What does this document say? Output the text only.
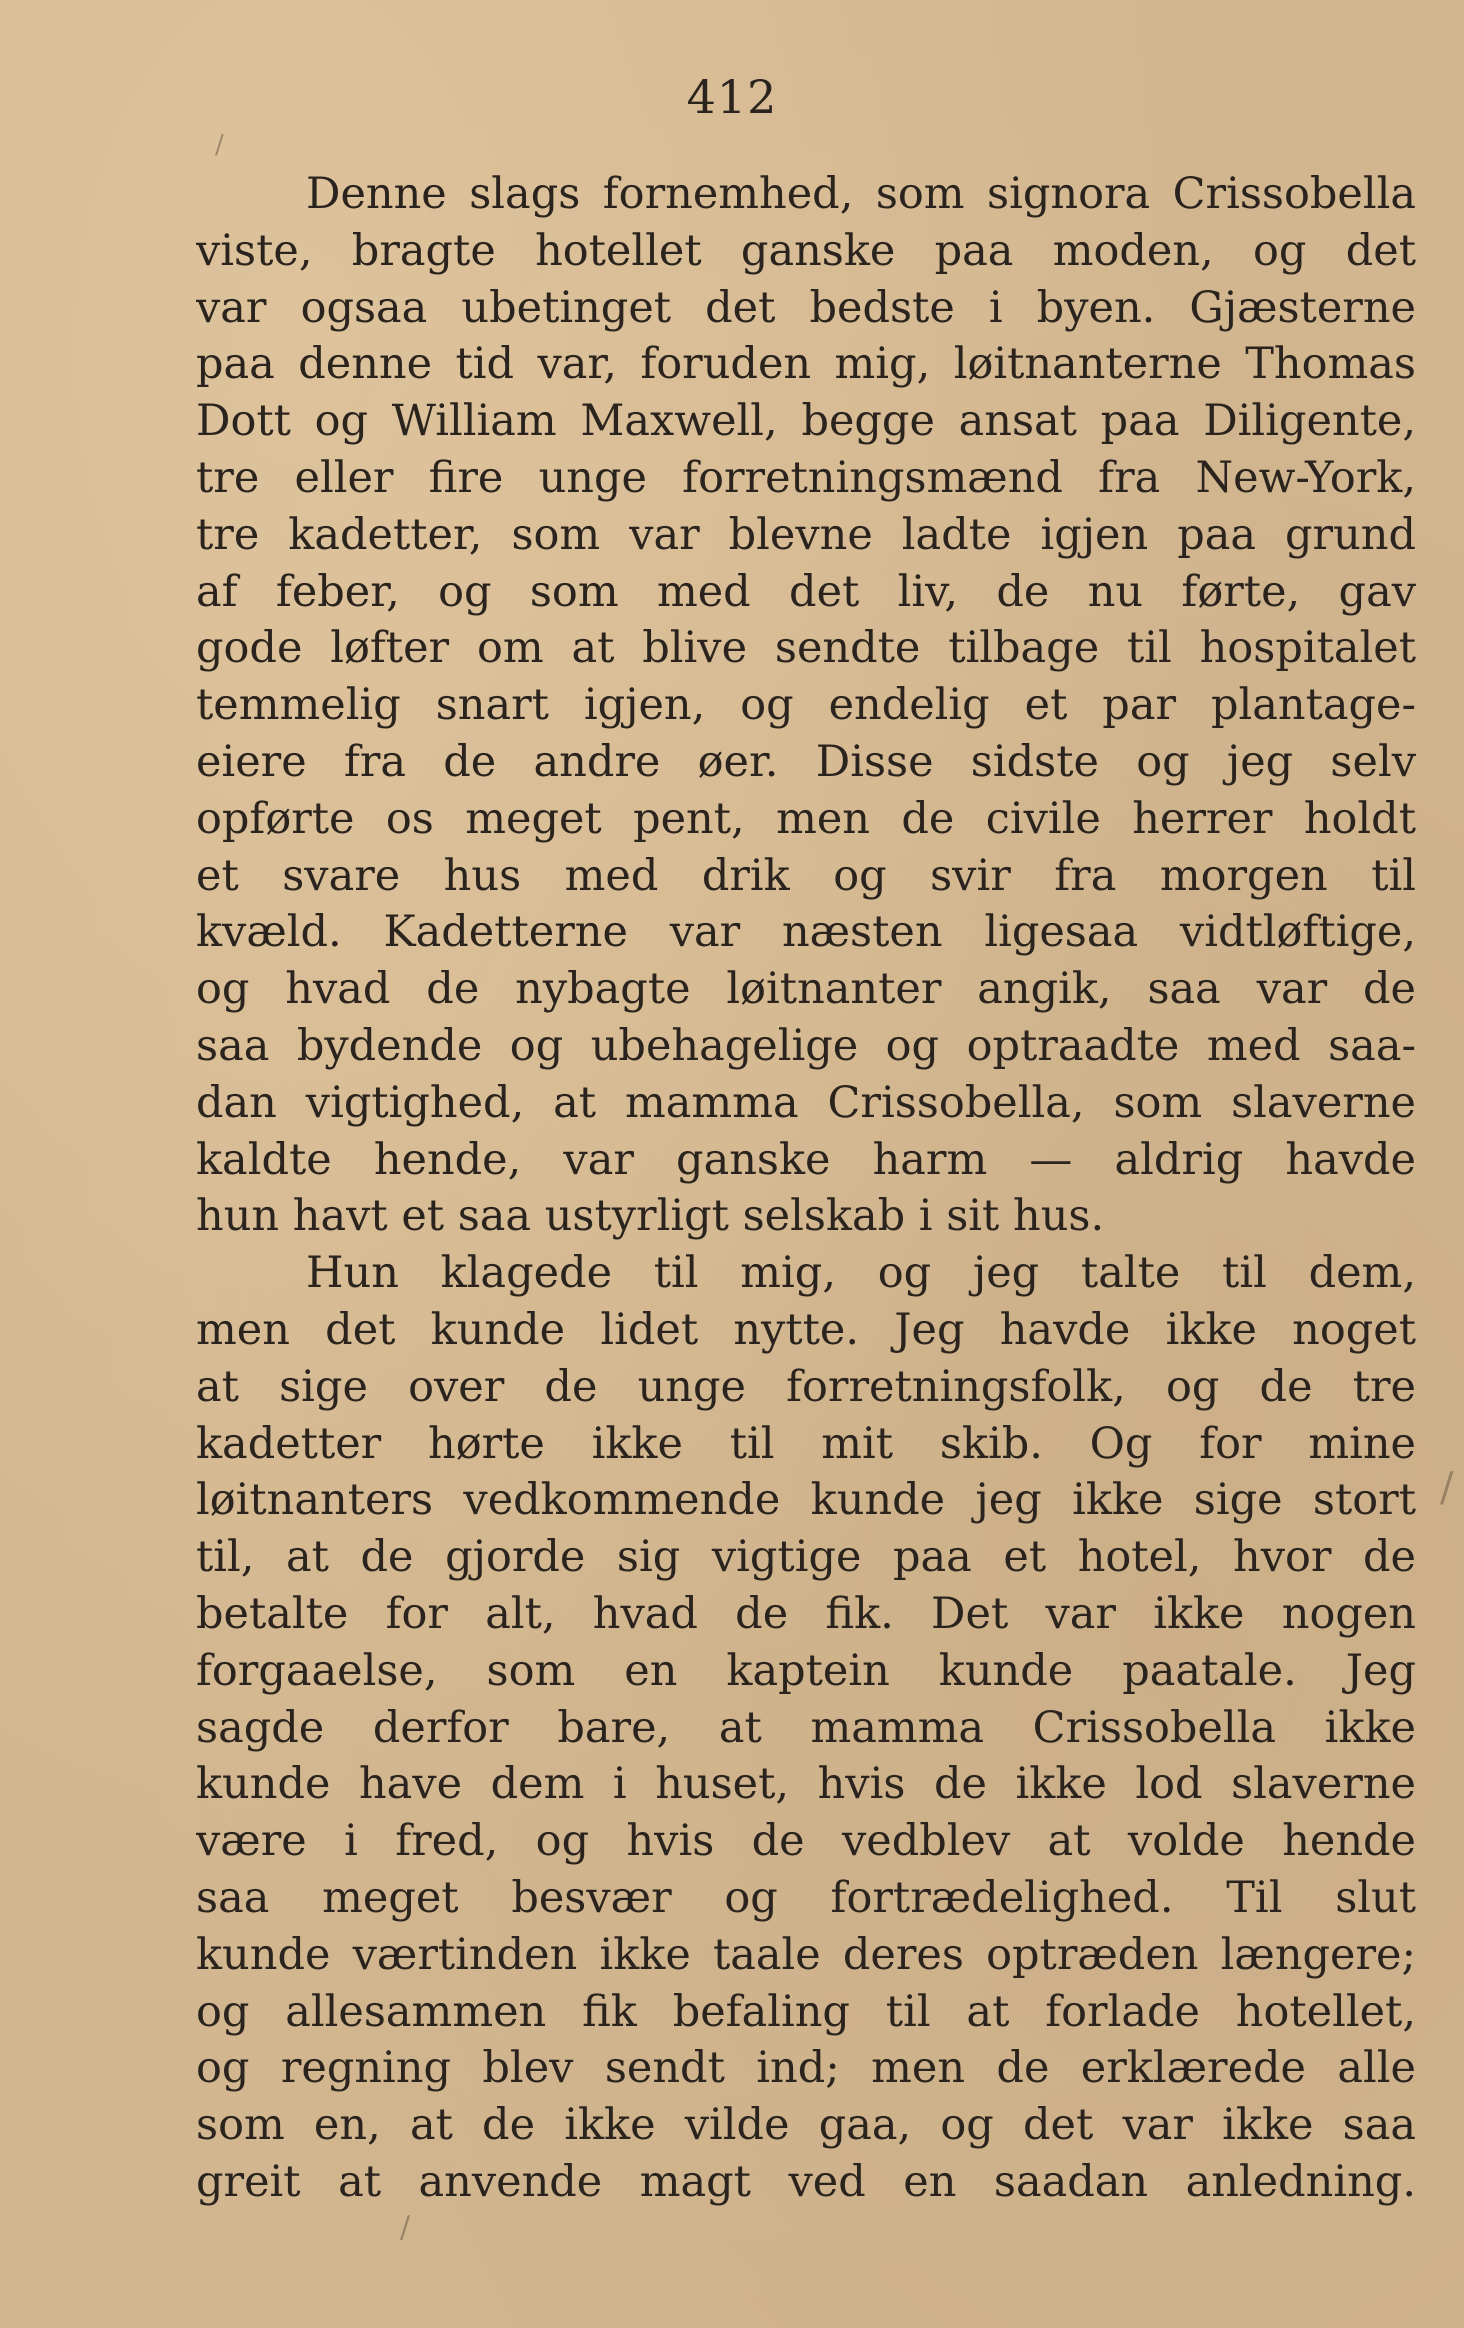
412
Denne slags fornemhed, som signora Crissobella
viste, bragte hotellet ganske paa moden, og det
var ogsaa ubetinget det bedste i byen. Gjæsterne
paa denne tid var, foruden mig, løitnanterne Thomas
Dott og William Maxwell, begge ansat paa Diligente,
tre eller fire unge forretningsmænd fra New-York,
tre kadetter, som var blevne ladte igjen paa grund
af feber, og som med det liv, de nu førte, gav
gode løfter om at blive sendte tilbage til hospitalet
temmelig snart igjen, og endelig et par plantage-
eiere fra de andre øer. Disse sidste og jeg selv
opførte os meget pent, men de civile herrer holdt
et svare hus med drik og svir fra morgen til
kvæld. Kadetterne var næsten ligesaa vidtløftige,
og hvad de nybagte løitnanter angik, saa var de
saa bydende og ubehagelige og optraadte med saa-
dan vigtighed, at mamma Crissobella, som slaverne
kaldte hende, var ganske harm — aldrig havde
hun havt et saa ustyrligt selskab i sit hus.
Hun klagede til mig, og jeg talte til dem,
men det kunde lidet nytte. Jeg havde ikke noget
at sige over de unge forretningsfolk, og de tre
kadetter hørte ikke til mit skib. Og for mine
løitnanters vedkommende kunde jeg ikke sige stort
til, at de gjorde sig vigtige paa et hotel, hvor de
betalte for alt, hvad de fik. Det var ikke nogen
forgaaelse, som en kaptein kunde paatale. Jeg
sagde derfor bare, at mamma Crissobella ikke
kunde have dem i huset, hvis de ikke lod slaverne
være i fred, og hvis de vedblev at volde hende
saa meget besvær og fortrædelighed. Til slut
kunde værtinden ikke taale deres optræden længere;
og allesammen fik befaling til at forlade hotellet,
og regning blev sendt ind; men de erklærede alle
som en, at de ikke vilde gaa, og det var ikke saa
greit at anvende magt ved en saadan anledning.
/
/
/
